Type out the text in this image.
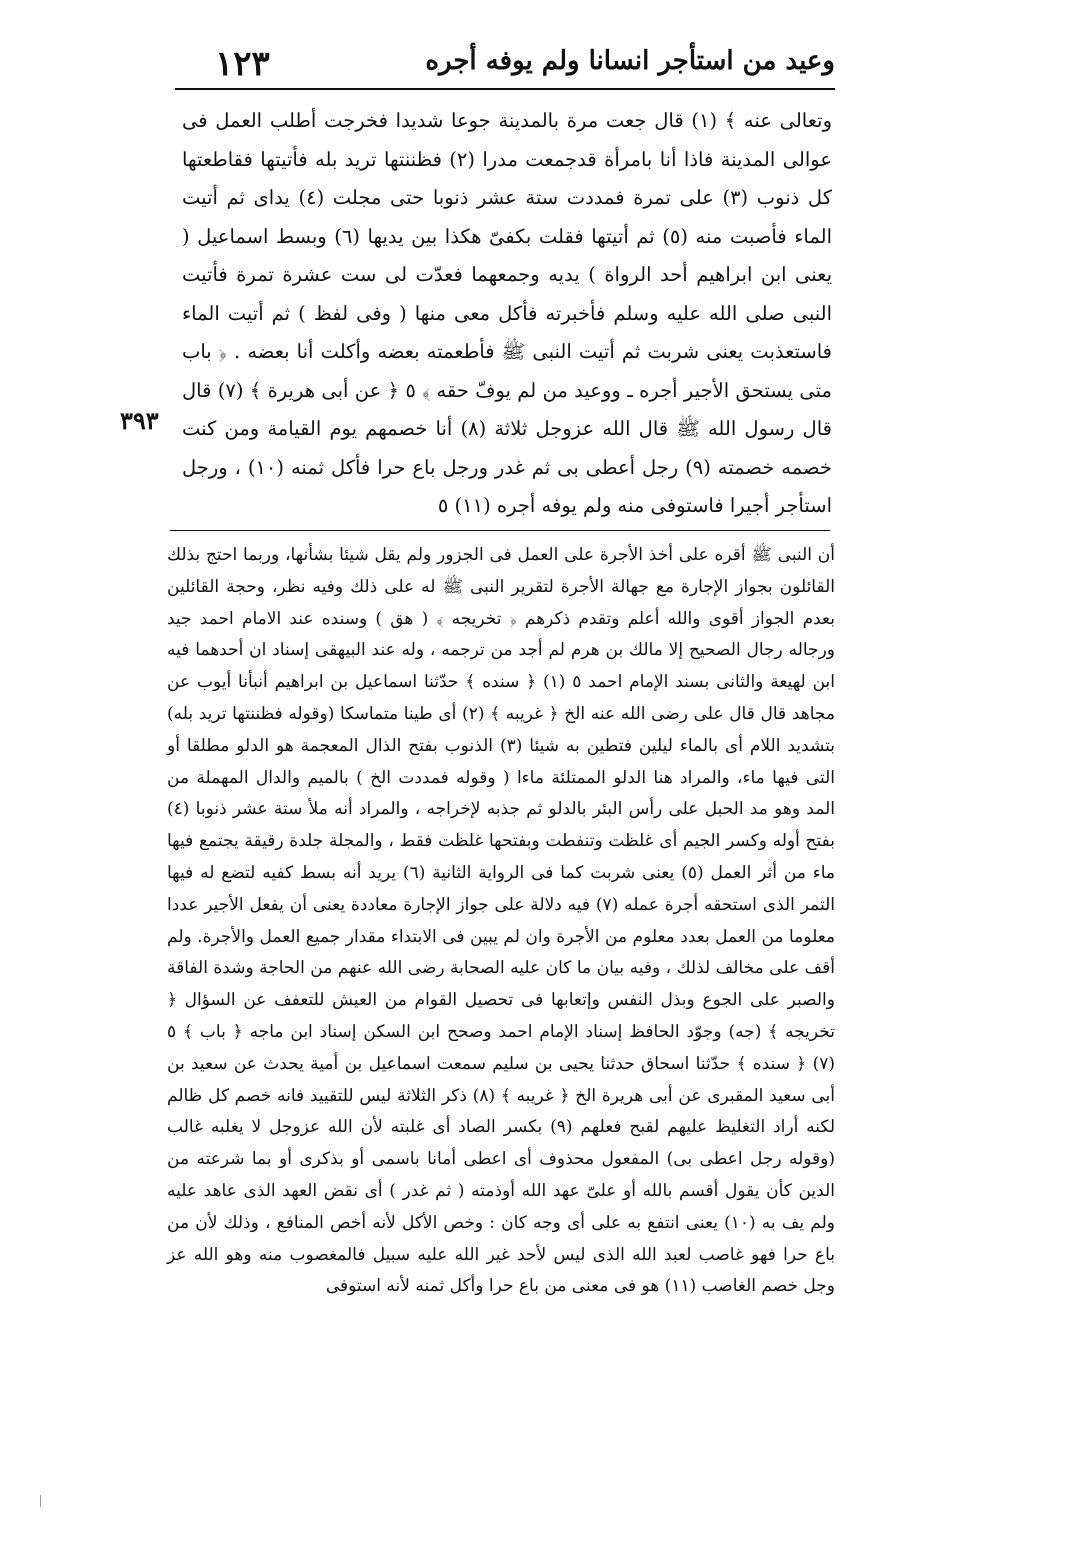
١٢٣	وعيد من استأجر انسانا ولم يوفه أجره

وتعالى عنه ﴾ (١) قال جعت مرة بالمدينة جوعا شديدا فخرجت أطلب العمل فى عوالى المدينة فاذا أنا بامرأة قدجمعت مدرا (٢) فظننتها تريد بله فأتيتها فقاطعتها كل ذنوب (٣) على تمرة فمددت ستة عشر ذنوبا حتى مجلت (٤) يداى ثم أتيت الماء فأصبت منه (٥) ثم أتيتها فقلت بكفىّ هكذا بين يديها (٦) وبسط اسماعيل ( يعنى ابن ابراهيم أحد الرواة ) يديه وجمعهما فعدّت لى ست عشرة تمرة فأتيت النبى صلى الله عليه وسلم فأخبرته فأكل معى منها ( وفى لفظ ) ثم أتيت الماء فاستعذبت يعنى شربت ثم أتيت النبى ﷺ فأطعمته بعضه وأكلت أنا بعضه . ﴿ باب متى يستحق الأجير أجره ـ ووعيد من لم يوفّ حقه ﴾ ٥ ﴿ عن أبى هريرة ﴾ (٧) قال قال رسول الله ﷺ قال الله عزوجل ثلاثة (٨) أنا خصمهم يوم القيامة ومن كنت خصمه خصمته (٩) رجل أعطى بى ثم غدر ورجل باع حرا فأكل ثمنه (١٠) ، ورجل استأجر أجيرا فاستوفى منه ولم يوفه أجره (١١) ٥

٣٩٣

أن النبى ﷺ أقره على أخذ الأجرة على العمل فى الجزور ولم يقل شيئا بشأنها، وربما احتج بذلك القائلون بجواز الإجارة مع جهالة الأجرة لتقرير النبى ﷺ له على ذلك وفيه نظر، وحجة القائلين بعدم الجواز أقوى والله أعلم وتقدم ذكرهم ﴿ تخريجه ﴾ ( هق ) وسنده عند الامام احمد جيد ورجاله رجال الصحيح إلا مالك بن هرم لم أجد من ترجمه ، وله عند البيهقى إسناد ان أحدهما فيه ابن لهيعة والثانى بسند الإمام احمد ٥ (١) ﴿ سنده ﴾ حدّثنا اسماعيل بن ابراهيم أنبأنا أيوب عن مجاهد قال قال على رضى الله عنه الخ ﴿ غريبه ﴾ (٢) أى طينا متماسكا (وقوله فظننتها تريد بله) بتشديد اللام أى بالماء ليلين فتطين به شيئا (٣) الذنوب بفتح الذال المعجمة هو الدلو مطلقا أو التى فيها ماء، والمراد هنا الدلو الممتلئة ماءا ( وقوله فمددت الخ ) بالميم والدال المهملة من المد وهو مد الحبل على رأس البئر بالدلو ثم جذبه لإخراجه ، والمراد أنه ملأ ستة عشر ذنوبا (٤) بفتح أوله وكسر الجيم أى غلظت وتنفطت وبفتحها غلظت فقط ، والمجلة جلدة رقيقة يجتمع فيها ماء من أثر العمل (٥) يعنى شربت كما فى الرواية الثانية (٦) يريد أنه بسط كفيه لتضع له فيها التمر الذى استحقه أجرة عمله (٧) فيه دلالة على جواز الإجارة معاددة يعنى أن يفعل الأجير عددا معلوما من العمل بعدد معلوم من الأجرة وان لم يبين فى الابتداء مقدار جميع العمل والأجرة. ولم أقف على مخالف لذلك ، وفيه بيان ما كان عليه الصحابة رضى الله عنهم من الحاجة وشدة الفاقة والصبر على الجوع وبذل النفس وإتعابها فى تحصيل القوام من العيش للتعفف عن السؤال ﴿ تخريجه ﴾ (جه) وجوّد الحافظ إسناد الإمام احمد وصحح ابن السكن إسناد ابن ماجه ﴿ باب ﴾ ٥ (٧) ﴿ سنده ﴾ حدّثنا اسحاق حدثنا يحيى بن سليم سمعت اسماعيل بن أمية يحدث عن سعيد بن أبى سعيد المقبرى عن أبى هريرة الخ ﴿ غريبه ﴾ (٨) ذكر الثلاثة ليس للتقييد فانه خصم كل ظالم لكنه أراد التغليظ عليهم لقبح فعلهم (٩) بكسر الصاد أى غلبته لأن الله عزوجل لا يغلبه غالب (وقوله رجل اعطى بى) المفعول محذوف أى اعطى أمانا باسمى أو بذكرى أو بما شرعته من الدين كأن يقول أقسم بالله أو علىّ عهد الله أوذمته ( ثم غدر ) أى نقض العهد الذى عاهد عليه ولم يف به (١٠) يعنى انتفع به على أى وجه كان : وخص الأكل لأنه أخص المنافع ، وذلك لأن من باع حرا فهو غاصب لعبد الله الذى ليس لأحد غير الله عليه سبيل فالمغصوب منه وهو الله عز وجل خصم الغاصب (١١) هو فى معنى من باع حرا وأكل ثمنه لأنه استوفى
